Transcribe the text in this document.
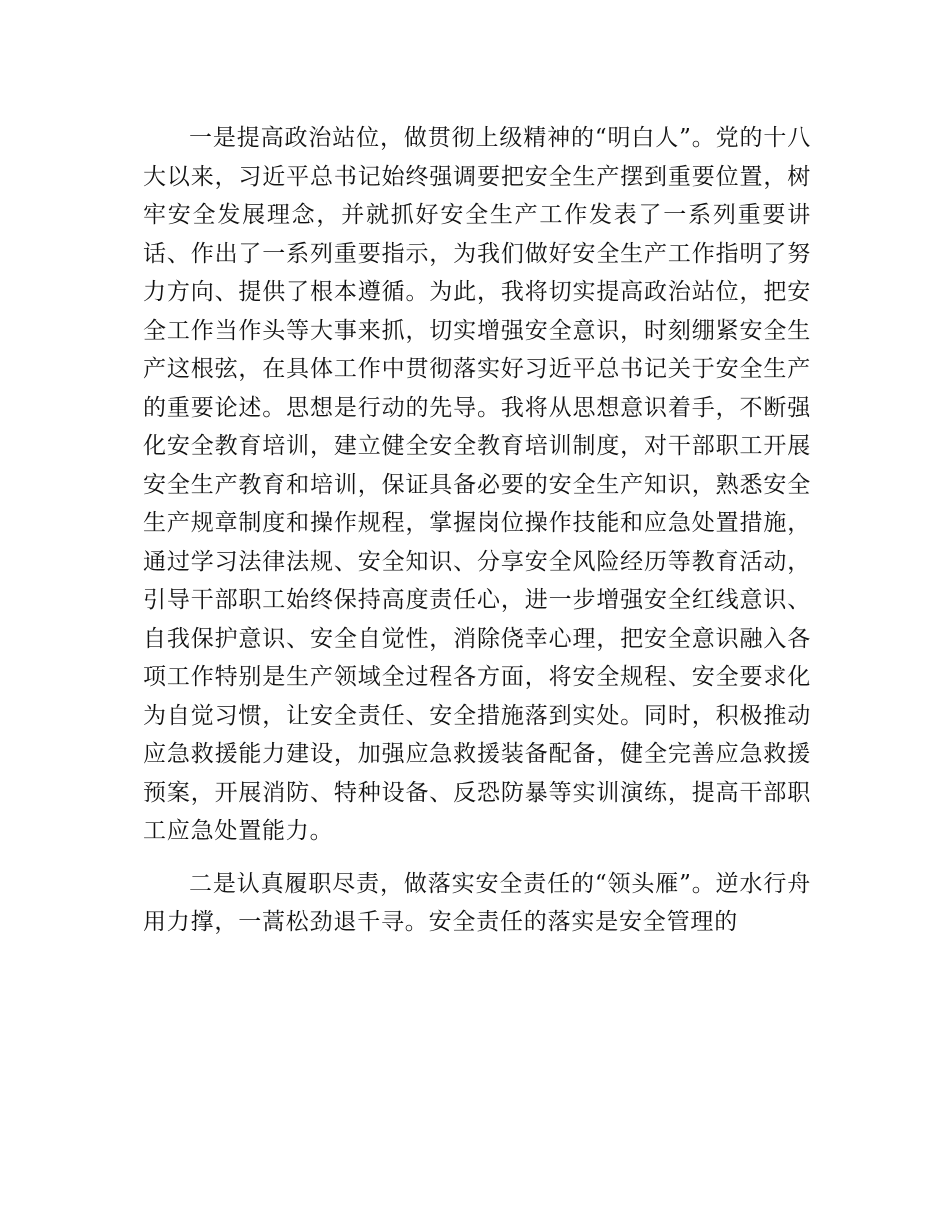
一是提高政治站位，做贯彻上级精神的“明白人”。党的十八大以来，习近平总书记始终强调要把安全生产摆到重要位置，树牢安全发展理念，并就抓好安全生产工作发表了一系列重要讲话、作出了一系列重要指示，为我们做好安全生产工作指明了努力方向、提供了根本遵循。为此，我将切实提高政治站位，把安全工作当作头等大事来抓，切实增强安全意识，时刻绷紧安全生产这根弦，在具体工作中贯彻落实好习近平总书记关于安全生产的重要论述。思想是行动的先导。我将从思想意识着手，不断强化安全教育培训，建立健全安全教育培训制度，对干部职工开展安全生产教育和培训，保证具备必要的安全生产知识，熟悉安全生产规章制度和操作规程，掌握岗位操作技能和应急处置措施，通过学习法律法规、安全知识、分享安全风险经历等教育活动，引导干部职工始终保持高度责任心，进一步增强安全红线意识、自我保护意识、安全自觉性，消除侥幸心理，把安全意识融入各项工作特别是生产领域全过程各方面，将安全规程、安全要求化为自觉习惯，让安全责任、安全措施落到实处。同时，积极推动应急救援能力建设，加强应急救援装备配备，健全完善应急救援预案，开展消防、特种设备、反恐防暴等实训演练，提高干部职工应急处置能力。

二是认真履职尽责，做落实安全责任的“领头雁”。逆水行舟用力撑，一蒿松劲退千寻。安全责任的落实是安全管理的
